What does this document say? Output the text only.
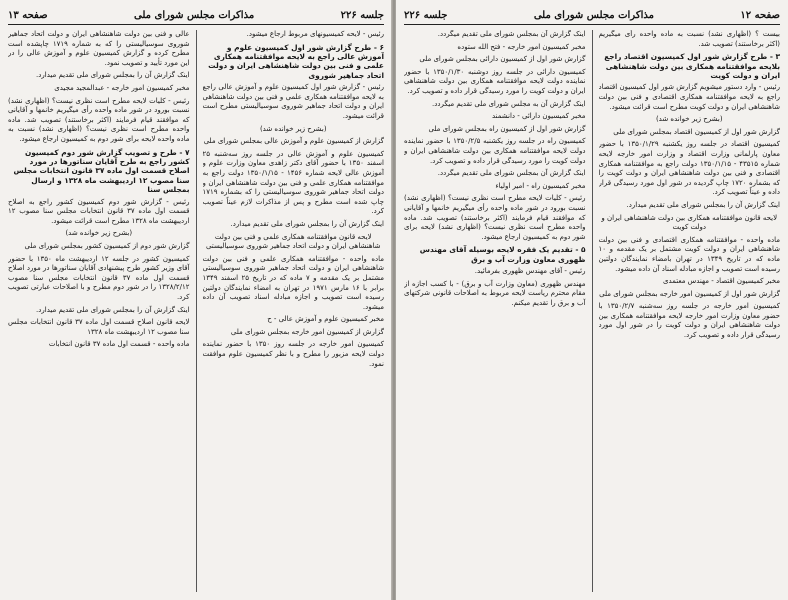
جلسه ۲۲۶
مذاکرات مجلس شورای ملی
صفحه ۱۳

رئیس - لایحه کمیسیونهای مربوط ارجاع میشود.

۶ - طرح گزارش شور اول کمیسیون علوم و آموزش عالی راجع به لایحه موافقتنامه همکاری علمی و فنی بین دولت شاهنشاهی ایران و دولت اتحاد جماهیر شوروی

رئیس - گزارش شور اول کمیسیون علوم و آموزش عالی راجع به لایحه موافقتنامه همکاری علمی و فنی بین دولت شاهنشاهی ایران و دولت اتحاد جماهیر شوروی سوسیالیستی مطرح است قرائت میشود.

(بشرح زیر خوانده شد)

گزارش از کمیسیون علوم و آموزش عالی بمجلس شورای ملی

کمیسیون علوم و آموزش عالی در جلسه روز سه‌شنبه ۲۵ اسفند ۱۳۵۰ با حضور آقای دکتر زاهدی معاون وزارت علوم و آموزش عالی لایحه شماره ۱۴۵۶ - ۱۳۵۰/۱/۱۵ دولت راجع به موافقتنامه همکاری علمی و فنی بین دولت شاهنشاهی ایران و دولت اتحاد جماهیر شوروی سوسیالیستی را که بشماره ۱۷۱۹ چاپ شده است مطرح و پس از مذاکرات لازم عیناً تصویب کرد.

اینک گزارش آن را بمجلس شورای ملی تقدیم میدارد.

لایحه قانون موافقتنامه همکاری علمی و فنی بین دولت شاهنشاهی ایران و دولت اتحاد جماهیر شوروی سوسیالیستی

ماده واحده - موافقتنامه همکاری علمی و فنی بین دولت شاهنشاهی ایران و دولت اتحاد جماهیر شوروی سوسیالیستی مشتمل بر یک مقدمه و ۷ ماده که در تاریخ ۲۵ اسفند ۱۳۴۹ برابر با ۱۶ مارس ۱۹۷۱ در تهران به امضاء نمایندگان دولتین رسیده است تصویب و اجازه مبادله اسناد تصویب آن داده میشود.

مخبر کمیسیون علوم و آموزش عالی - ح

گزارش از کمیسیون امور خارجه بمجلس شورای ملی

کمیسیون امور خارجه در جلسه روز ۱۳۵۰ با حضور نماینده دولت لایحه مزبور را مطرح و با نظر کمیسیون علوم موافقت نمود.

عالی و فنی بین دولت شاهنشاهی ایران و دولت اتحاد جماهیر شوروی سوسیالیستی را که به شماره ۱۷۱۹ چاپشده است مطرح کرده و گزارش کمیسیون علوم و آموزش عالی را در این مورد تأیید و تصویب نمود.

اینک گزارش آن را بمجلس شورای ملی تقدیم میدارد.

مخبر کمیسیون امور خارجه - عبدالمجید مجیدی

رئیس - کلیات لایحه مطرح است نظری نیست؟ (اظهاری نشد) نسبت بورود در شور ماده واحده رأی میگیریم خانمها و آقایانی که موافقند قیام فرمایند (اکثر برخاستند) تصویب شد. ماده واحده مطرح است نظری نیست؟ (اظهاری نشد) نسبت به ماده واحده لایحه برای شور دوم به کمیسیون ارجاع میشود.

۷ - طرح و تصویب گزارش شور دوم کمیسیون کشور راجع به طرح آقایان سناتورها در مورد اصلاح قسمت اول ماده ۳۷ قانون انتخابات مجلس سنا مصوب ۱۲ اردیبهشت ماه ۱۳۲۸ و ارسال بمجلس سنا

رئیس - گزارش شور دوم کمیسیون کشور راجع به اصلاح قسمت اول ماده ۳۷ قانون انتخابات مجلس سنا مصوب ۱۲ اردیبهشت ماه ۱۳۲۸ مطرح است قرائت میشود.

(بشرح زیر خوانده شد)

گزارش شور دوم از کمیسیون کشور بمجلس شورای ملی

کمیسیون کشور در جلسه ۱۲ اردیبهشت ماه ۱۳۵۰ با حضور آقای وزیر کشور طرح پیشنهادی آقایان سناتورها در مورد اصلاح قسمت اول ماده ۳۷ قانون انتخابات مجلس سنا مصوب ۱۳۲۸/۲/۱۲ را در شور دوم مطرح و با اصلاحات عبارتی تصویب کرد.

اینک گزارش آن را بمجلس شورای ملی تقدیم میدارد.

لایحه قانون اصلاح قسمت اول ماده ۳۷ قانون انتخابات مجلس سنا مصوب ۱۲ اردیبهشت ماه ۱۳۲۸

ماده واحده - قسمت اول ماده ۳۷ قانون انتخابات

صفحه ۱۲
مذاکرات مجلس شورای ملی
جلسه ۲۲۶

بیست ؟ (اظهاری نشد) نسبت به ماده واحده رأی میگیریم (اکثر برخاستند) تصویب شد.

۳ - طرح گزارش شور اول کمیسیون اقتصاد راجع بلایحه موافقتنامه همکاری بین دولت شاهنشاهی ایران و دولت کویت

رئیس - وارد دستور میشویم گزارش شور اول کمیسیون اقتصاد راجع به لایحه موافقتنامه همکاری اقتصادی و فنی بین دولت شاهنشاهی ایران و دولت کویت مطرح است قرائت میشود.

(بشرح زیر خوانده شد)

گزارش شور اول از کمیسیون اقتصاد بمجلس شورای ملی

کمیسیون اقتصاد در جلسه روز یکشنبه ۱۳۵۰/۱/۲۹ با حضور معاون پارلمانی وزارت اقتصاد و وزارت امور خارجه لایحه شماره ۴۳۵۱۵ - ۱۳۵۰/۱/۱۵ دولت راجع به موافقتنامه همکاری اقتصادی و فنی بین دولت شاهنشاهی ایران و دولت کویت را که بشماره ۱۷۲۰ چاپ گردیده در شور اول مورد رسیدگی قرار داده و عیناً تصویب کرد.

اینک گزارش آن را بمجلس شورای ملی تقدیم میدارد.

لایحه قانون موافقتنامه همکاری بین دولت شاهنشاهی ایران و دولت کویت

ماده واحده - موافقتنامه همکاری اقتصادی و فنی بین دولت شاهنشاهی ایران و دولت کویت مشتمل بر یک مقدمه و ۱۰ ماده که در تاریخ ۱۳۴۹ در تهران بامضاء نمایندگان دولتین رسیده است تصویب و اجازه مبادله اسناد آن داده میشود.

مخبر کمیسیون اقتصاد - مهندس معتمدی

گزارش شور اول از کمیسیون امور خارجه بمجلس شورای ملی

کمیسیون امور خارجه در جلسه روز سه‌شنبه ۱۳۵۰/۲/۷ با حضور معاون وزارت امور خارجه لایحه موافقتنامه همکاری بین دولت شاهنشاهی ایران و دولت کویت را در شور اول مورد رسیدگی قرار داده و تصویب کرد.

اینک گزارش آن بمجلس شورای ملی تقدیم میگردد.

مخبر کمیسیون امور خارجه - فتح الله ستوده

گزارش شور اول از کمیسیون دارائی بمجلس شورای ملی

کمیسیون دارائی در جلسه روز دوشنبه ۱۳۵۰/۱/۳۰ با حضور نماینده دولت لایحه موافقتنامه همکاری بین دولت شاهنشاهی ایران و دولت کویت را مورد رسیدگی قرار داده و تصویب کرد.

اینک گزارش آن به مجلس شورای ملی تقدیم میگردد.

مخبر کمیسیون دارائی - دانشمند

گزارش شور اول از کمیسیون راه بمجلس شورای ملی

کمیسیون راه در جلسه روز یکشنبه ۱۳۵۰/۲/۵ با حضور نماینده دولت لایحه موافقتنامه همکاری بین دولت شاهنشاهی ایران و دولت کویت را مورد رسیدگی قرار داده و تصویب کرد.

اینک گزارش آن بمجلس شورای ملی تقدیم میگردد.

مخبر کمیسیون راه - امیر اولیاء

رئیس - کلیات لایحه مطرح است نظری نیست؟ (اظهاری نشد) نسبت بورود در شور ماده واحده رأی میگیریم خانمها و آقایانی که موافقند قیام فرمایند (اکثر برخاستند) تصویب شد. ماده واحده مطرح است نظری نیست؟ (اظهاری نشد) لایحه برای شور دوم به کمیسیون ارجاع میشود.

۵ - تقدیم یک فقره لایحه بوسیله آقای مهندس ظهوری معاون وزارت آب و برق

رئیس - آقای مهندس ظهوری بفرمائید.

مهندس ظهوری (معاون وزارت آب و برق) - با کسب اجازه از مقام محترم ریاست لایحه مربوط به اصلاحات قانونی شرکتهای آب و برق را تقدیم میکنم.
